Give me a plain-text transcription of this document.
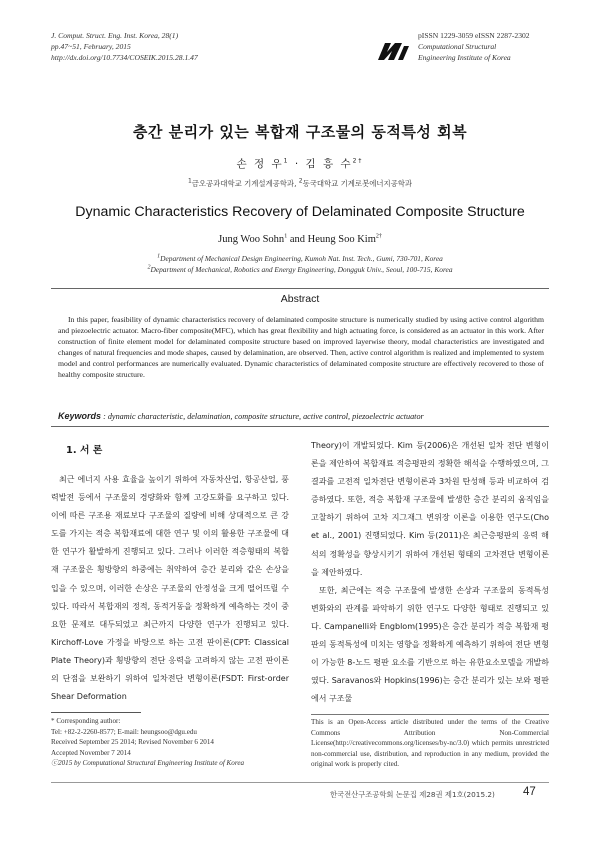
J. Comput. Struct. Eng. Inst. Korea, 28(1)
pp.47~51, February, 2015
http://dx.doi.org/10.7734/COSEIK.2015.28.1.47
pISSN 1229-3059 eISSN 2287-2302
Computational Structural
Engineering Institute of Korea
층간 분리가 있는 복합재 구조물의 동적특성 회복
손 정 우$^1$ · 김 흥 수$^{2\dagger}$
$^1$금오공과대학교 기계설계공학과, $^2$동국대학교 기계로봇에너지공학과
Dynamic Characteristics Recovery of Delaminated Composite Structure
Jung Woo Sohn$^1$ and Heung Soo Kim$^{2\dagger}$
$^1$Department of Mechanical Design Engineering, Kumoh Nat. Inst. Tech., Gumi, 730-701, Korea
$^2$Department of Mechanical, Robotics and Energy Engineering, Dongguk Univ., Seoul, 100-715, Korea
Abstract
In this paper, feasibility of dynamic characteristics recovery of delaminated composite structure is numerically studied by using active control algorithm and piezoelectric actuator. Macro-fiber composite(MFC), which has great flexibility and high actuating force, is considered as an actuator in this work. After construction of finite element model for delaminated composite structure based on improved layerwise theory, modal characteristics are investigated and changes of natural frequencies and mode shapes, caused by delamination, are observed. Then, active control algorithm is realized and implemented to system model and control performances are numerically evaluated. Dynamic characteristics of delaminated composite structure are effectively recovered to those of healthy composite structure.
Keywords : dynamic characteristic, delamination, composite structure, active control, piezoelectric actuator
1. 서 론

최근 에너지 사용 효율을 높이기 위하여 자동차산업, 항공산업, 풍력발전 등에서 구조물의 경량화와 함께 고강도화를 요구하고 있다. 이에 따른 구조용 재료보다 구조물의 질량에 비해 상대적으로 큰 강도를 가지는 적층 복합재료에 대한 연구 및 이의 활용한 구조물에 대한 연구가 활발하게 진행되고 있다. 그러나 이러한 적층형태의 복합재 구조물은 횡방향의 하중에는 취약하여 층간 분리와 같은 손상을 입을 수 있으며, 이러한 손상은 구조물의 안정성을 크게 떨어뜨릴 수 있다. 따라서 복합재의 정적, 동적거동을 정확하게 예측하는 것이 중요한 문제로 대두되었고 최근까지 다양한 연구가 진행되고 있다. Kirchoff-Love 가정을 바탕으로 하는 고전 판이론(CPT: Classical Plate Theory)과 횡방향의 전단 응력을 고려하지 않는 고전 판이론의 단점을 보완하기 위하여 일차전단 변형이론(FSDT: First-order Shear Deformation

Theory)이 개발되었다. Kim 등(2006)은 개선된 일차 전단 변형이론을 제안하여 복합재료 적층평판의 정확한 해석을 수행하였으며, 그 결과를 고전적 일차전단 변형이론과 3차원 탄성해 등과 비교하여 검증하였다. 또한, 적층 복합재 구조물에 발생한 층간 분리의 움직임을 고찰하기 위하여 고차 지그재그 변위장 이론을 이용한 연구도(Cho et al., 2001) 진행되었다. Kim 등(2011)은 최근층평판의 응력 해석의 정확성을 향상시키기 위하여 개선된 형태의 고차전단 변형이론을 제안하였다.

또한, 최근에는 적층 구조물에 발생한 손상과 구조물의 동적특성 변화와의 관계를 파악하기 위한 연구도 다양한 형태로 진행되고 있다. Campanelli와 Engblom(1995)은 층간 분리가 적층 복합재 평판의 동적특성에 미치는 영향을 정확하게 예측하기 위하여 전단 변형이 가능한 8-노드 평판 요소를 기반으로 하는 유한요소모델을 개발하였다. Saravanos와 Hopkins(1996)는 층간 분리가 있는 보와 평판에서 구조물

* Corresponding author:
Tel: +82-2-2260-8577; E-mail: heungsoo@dgu.edu
Received September 25 2014; Revised November 6 2014
Accepted November 7 2014
ⓒ2015 by Computational Structural Engineering Institute of Korea
This is an Open-Access article distributed under the terms of the Creative Commons Attribution Non-Commercial License(http://creativecommons.org/licenses/by-nc/3.0) which permits unrestricted non-commercial use, distribution, and reproduction in any medium, provided the original work is properly cited.
한국전산구조공학회 논문집 제28권 제1호(2015.2) 47
